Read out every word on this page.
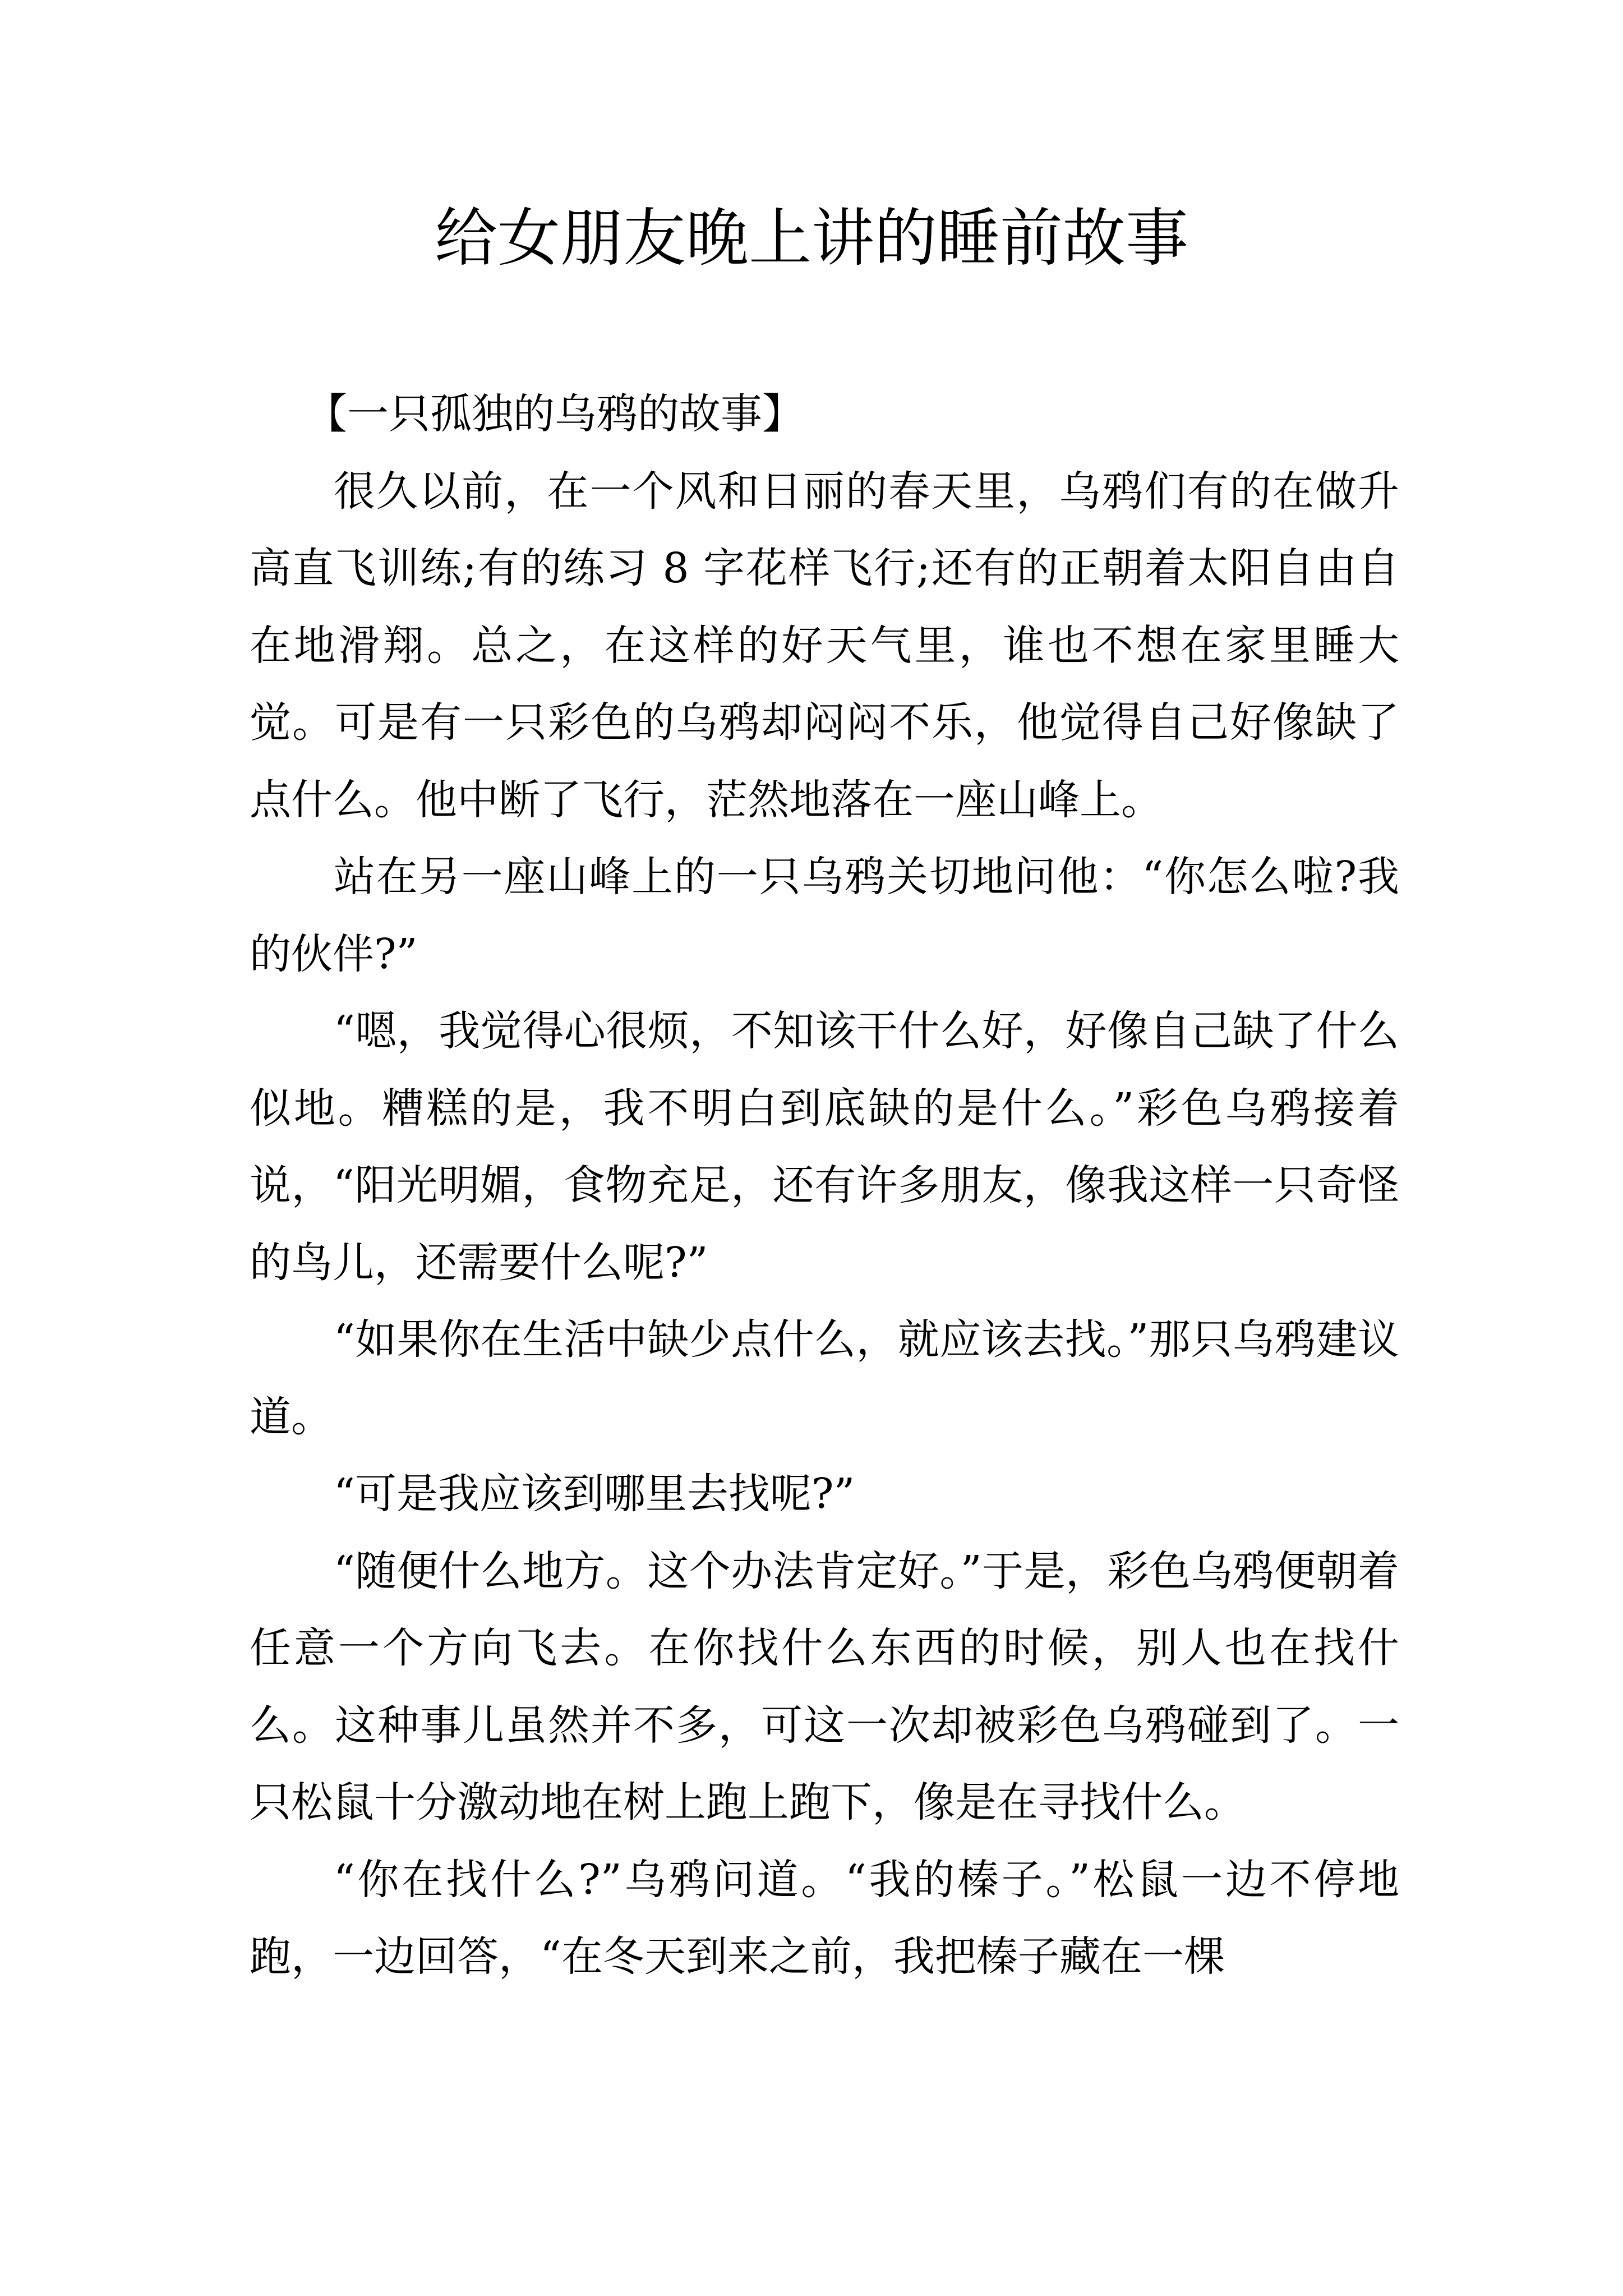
给女朋友晚上讲的睡前故事

【一只孤独的乌鸦的故事】

很久以前，在一个风和日丽的春天里，乌鸦们有的在做升高直飞训练;有的练习 8 字花样飞行;还有的正朝着太阳自由自在地滑翔。总之，在这样的好天气里，谁也不想在家里睡大觉。可是有一只彩色的乌鸦却闷闷不乐，他觉得自己好像缺了点什么。他中断了飞行，茫然地落在一座山峰上。

站在另一座山峰上的一只乌鸦关切地问他：“你怎么啦?我的伙伴?”

“嗯，我觉得心很烦，不知该干什么好，好像自己缺了什么似地。糟糕的是，我不明白到底缺的是什么。”彩色乌鸦接着说，“阳光明媚，食物充足，还有许多朋友，像我这样一只奇怪的鸟儿，还需要什么呢?”

“如果你在生活中缺少点什么，就应该去找。”那只乌鸦建议道。

“可是我应该到哪里去找呢?”

“随便什么地方。这个办法肯定好。”于是，彩色乌鸦便朝着任意一个方向飞去。在你找什么东西的时候，别人也在找什么。这种事儿虽然并不多，可这一次却被彩色乌鸦碰到了。一只松鼠十分激动地在树上跑上跑下，像是在寻找什么。

“你在找什么?”乌鸦问道。“我的榛子。”松鼠一边不停地跑，一边回答，“在冬天到来之前，我把榛子藏在一棵
